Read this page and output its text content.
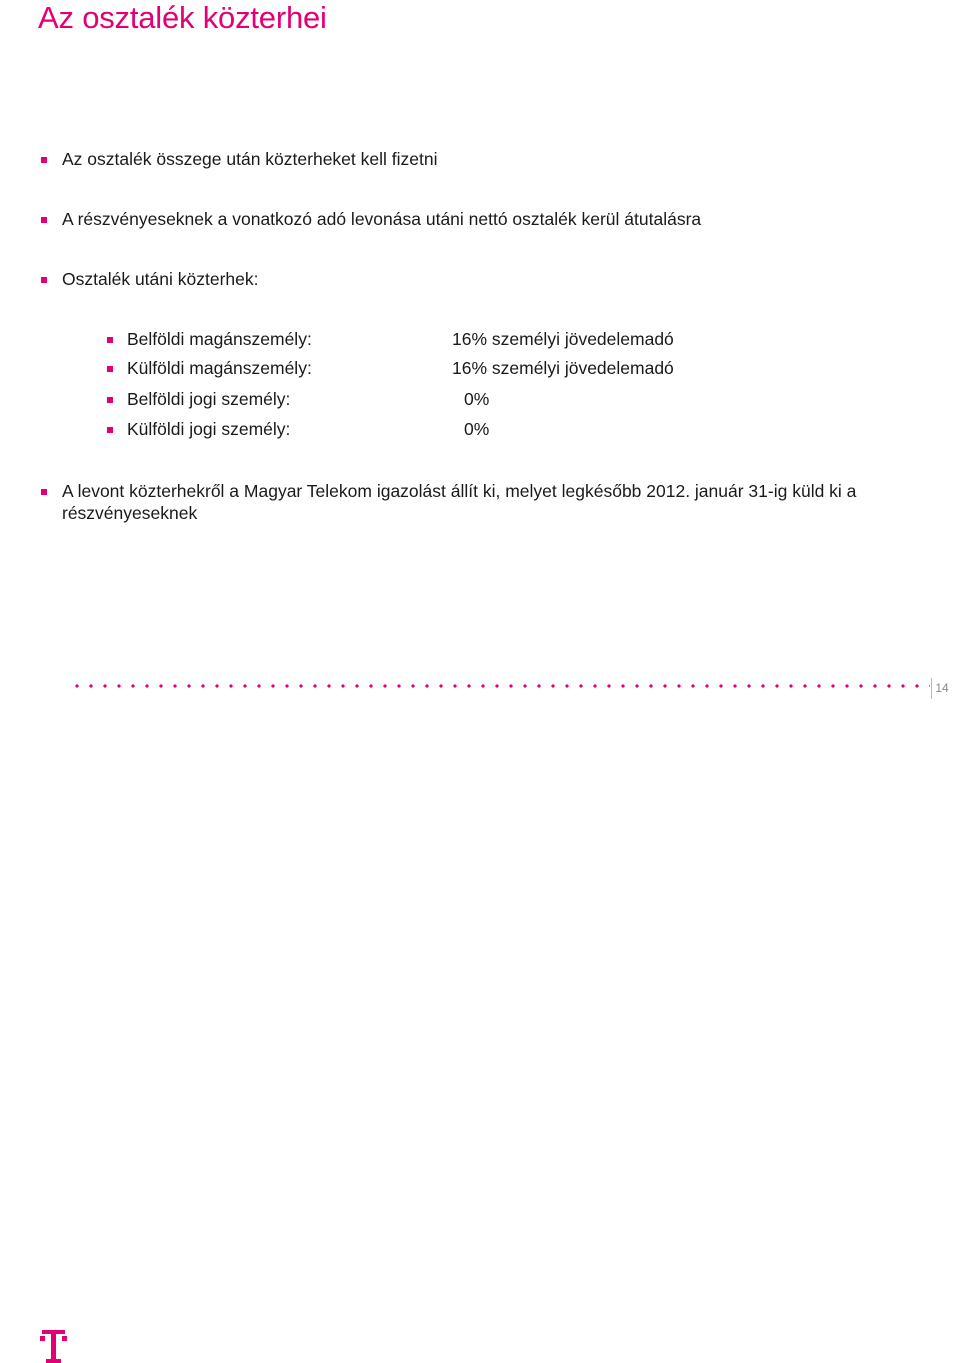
Az osztalék közterhei
Az osztalék összege után közterheket kell fizetni
A részvényeseknek a vonatkozó adó levonása utáni nettó osztalék kerül átutalásra
Osztalék utáni közterhek:
Belföldi magánszemély:	16% személyi jövedelemadó
Külföldi magánszemély:	16% személyi jövedelemadó
Belföldi jogi személy:	0%
Külföldi jogi személy:	0%
A levont közterhekről a Magyar Telekom igazolást állít ki, melyet legkésőbb 2012. január 31-ig küld ki a részvényeseknek
14
